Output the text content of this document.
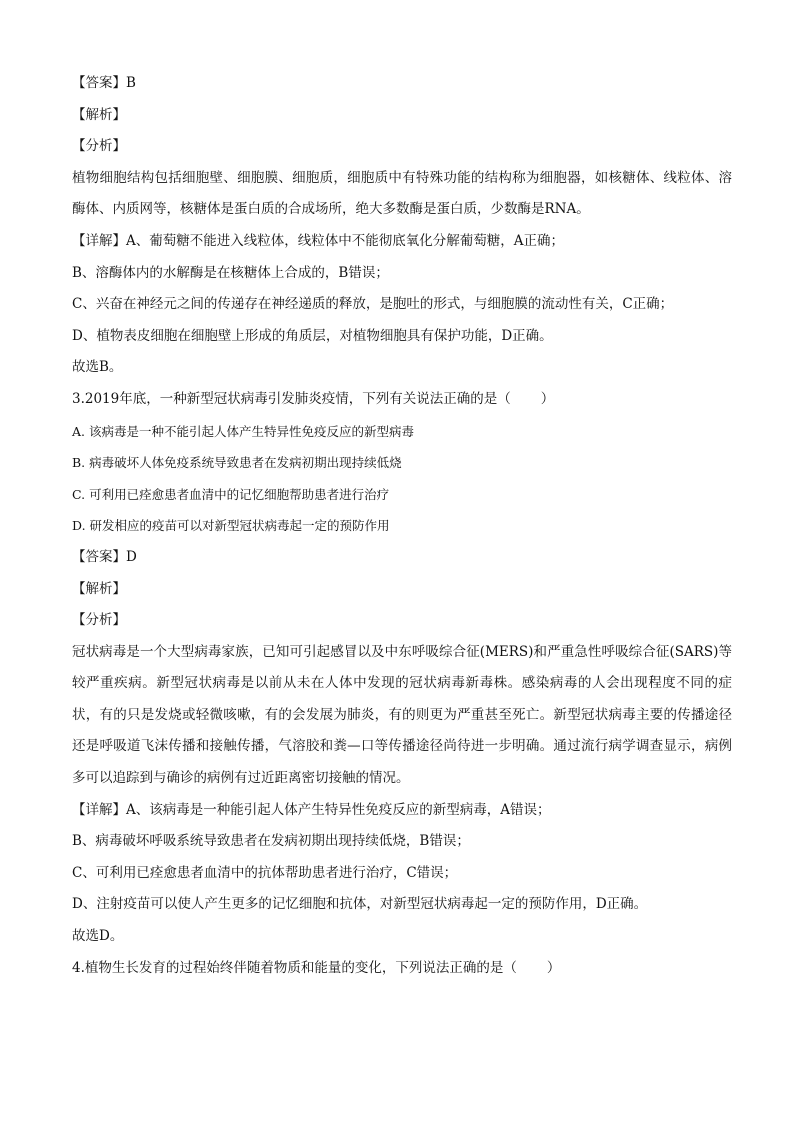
【答案】B
【解析】
【分析】
植物细胞结构包括细胞壁、细胞膜、细胞质，细胞质中有特殊功能的结构称为细胞器，如核糖体、线粒体、溶酶体、内质网等，核糖体是蛋白质的合成场所，绝大多数酶是蛋白质，少数酶是RNA。
【详解】A、葡萄糖不能进入线粒体，线粒体中不能彻底氧化分解葡萄糖，A正确；
B、溶酶体内的水解酶是在核糖体上合成的，B错误；
C、兴奋在神经元之间的传递存在神经递质的释放，是胞吐的形式，与细胞膜的流动性有关，C正确；
D、植物表皮细胞在细胞壁上形成的角质层，对植物细胞具有保护功能，D正确。
故选B。
3.2019年底，一种新型冠状病毒引发肺炎疫情，下列有关说法正确的是（ ）
A. 该病毒是一种不能引起人体产生特异性免疫反应的新型病毒
B. 病毒破坏人体免疫系统导致患者在发病初期出现持续低烧
C. 可利用已痊愈患者血清中的记忆细胞帮助患者进行治疗
D. 研发相应的疫苗可以对新型冠状病毒起一定的预防作用
【答案】D
【解析】
【分析】
冠状病毒是一个大型病毒家族，已知可引起感冒以及中东呼吸综合征(MERS)和严重急性呼吸综合征(SARS)等较严重疾病。新型冠状病毒是以前从未在人体中发现的冠状病毒新毒株。感染病毒的人会出现程度不同的症状，有的只是发烧或轻微咳嗽，有的会发展为肺炎，有的则更为严重甚至死亡。新型冠状病毒主要的传播途径还是呼吸道飞沫传播和接触传播，气溶胶和粪—口等传播途径尚待进一步明确。通过流行病学调查显示，病例多可以追踪到与确诊的病例有过近距离密切接触的情况。
【详解】A、该病毒是一种能引起人体产生特异性免疫反应的新型病毒，A错误；
B、病毒破坏呼吸系统导致患者在发病初期出现持续低烧，B错误；
C、可利用已痊愈患者血清中的抗体帮助患者进行治疗，C错误；
D、注射疫苗可以使人产生更多的记忆细胞和抗体，对新型冠状病毒起一定的预防作用，D正确。
故选D。
4.植物生长发育的过程始终伴随着物质和能量的变化，下列说法正确的是（ ）
